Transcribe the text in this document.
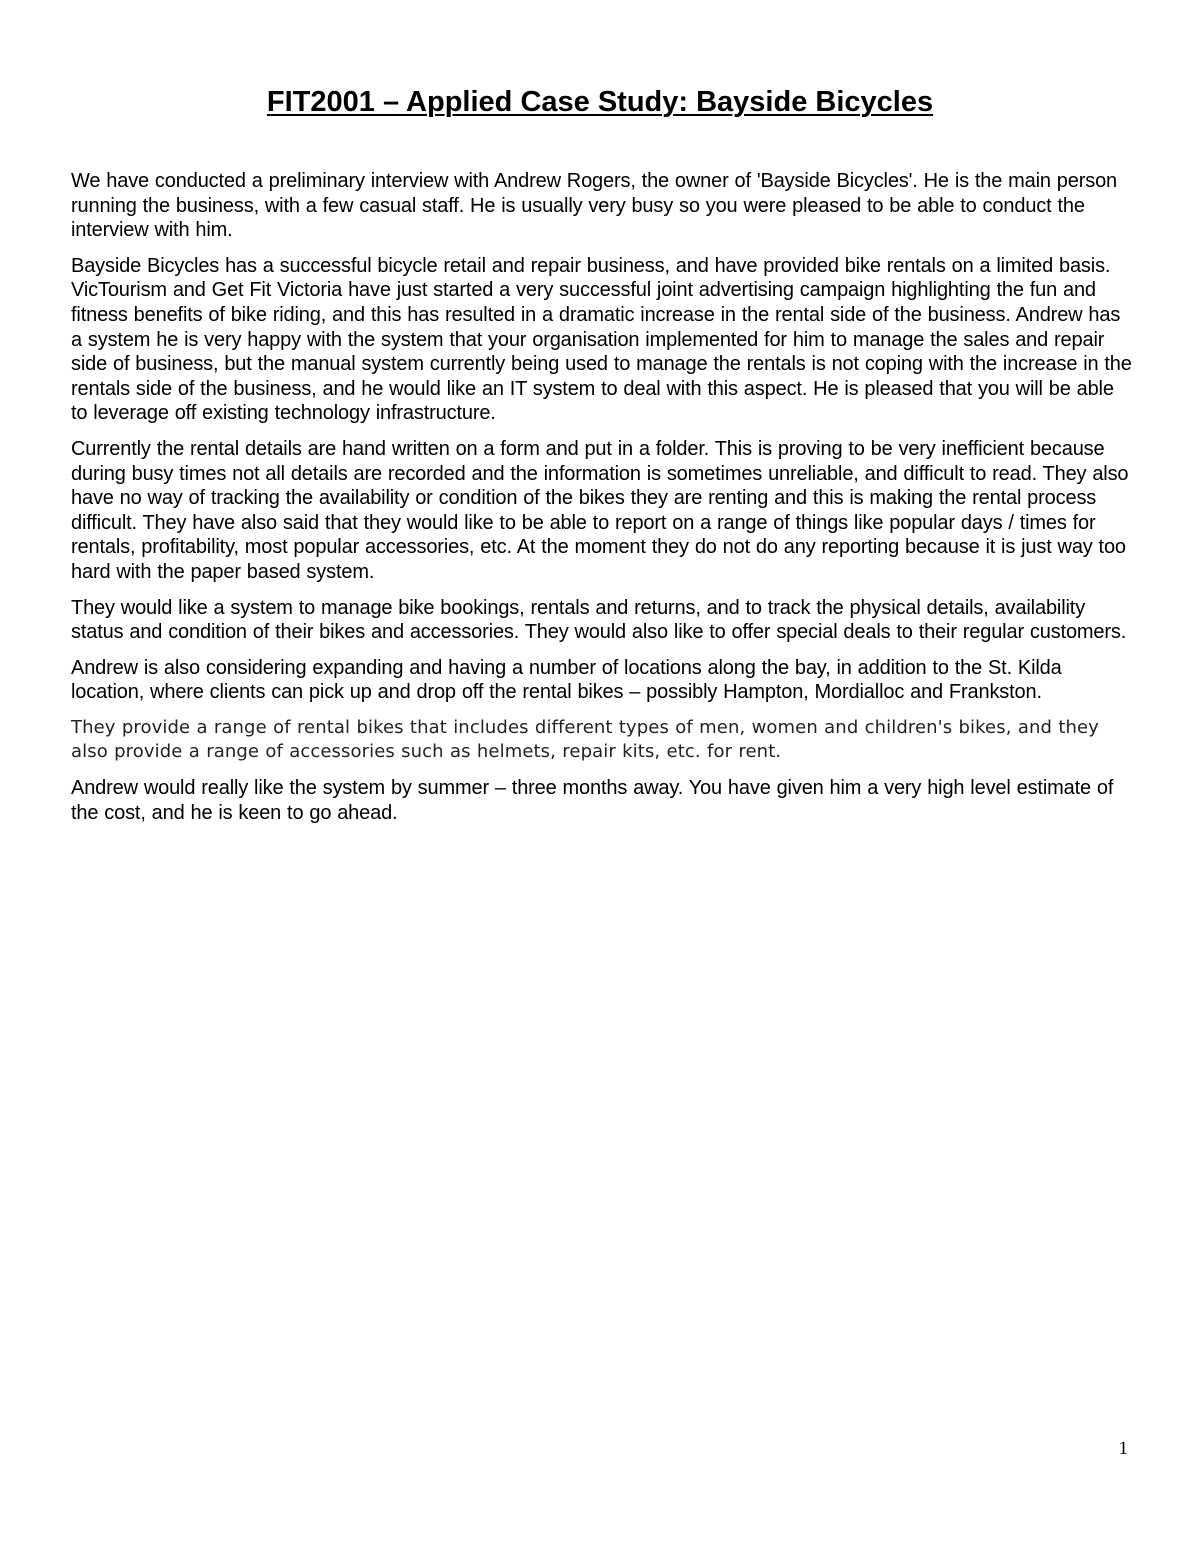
FIT2001 – Applied Case Study: Bayside Bicycles

We have conducted a preliminary interview with Andrew Rogers, the owner of 'Bayside Bicycles'. He is the main person running the business, with a few casual staff. He is usually very busy so you were pleased to be able to conduct the interview with him.

Bayside Bicycles has a successful bicycle retail and repair business, and have provided bike rentals on a limited basis. VicTourism and Get Fit Victoria have just started a very successful joint advertising campaign highlighting the fun and fitness benefits of bike riding, and this has resulted in a dramatic increase in the rental side of the business. Andrew has a system he is very happy with the system that your organisation implemented for him to manage the sales and repair side of business, but the manual system currently being used to manage the rentals is not coping with the increase in the rentals side of the business, and he would like an IT system to deal with this aspect. He is pleased that you will be able to leverage off existing technology infrastructure.

Currently the rental details are hand written on a form and put in a folder. This is proving to be very inefficient because during busy times not all details are recorded and the information is sometimes unreliable, and difficult to read. They also have no way of tracking the availability or condition of the bikes they are renting and this is making the rental process difficult. They have also said that they would like to be able to report on a range of things like popular days / times for rentals, profitability, most popular accessories, etc. At the moment they do not do any reporting because it is just way too hard with the paper based system.

They would like a system to manage bike bookings, rentals and returns, and to track the physical details, availability status and condition of their bikes and accessories. They would also like to offer special deals to their regular customers.

Andrew is also considering expanding and having a number of locations along the bay, in addition to the St. Kilda location, where clients can pick up and drop off the rental bikes – possibly Hampton, Mordialloc and Frankston.

They provide a range of rental bikes that includes different types of men, women and children's bikes, and they also provide a range of accessories such as helmets, repair kits, etc. for rent.

Andrew would really like the system by summer – three months away. You have given him a very high level estimate of the cost, and he is keen to go ahead.

1
